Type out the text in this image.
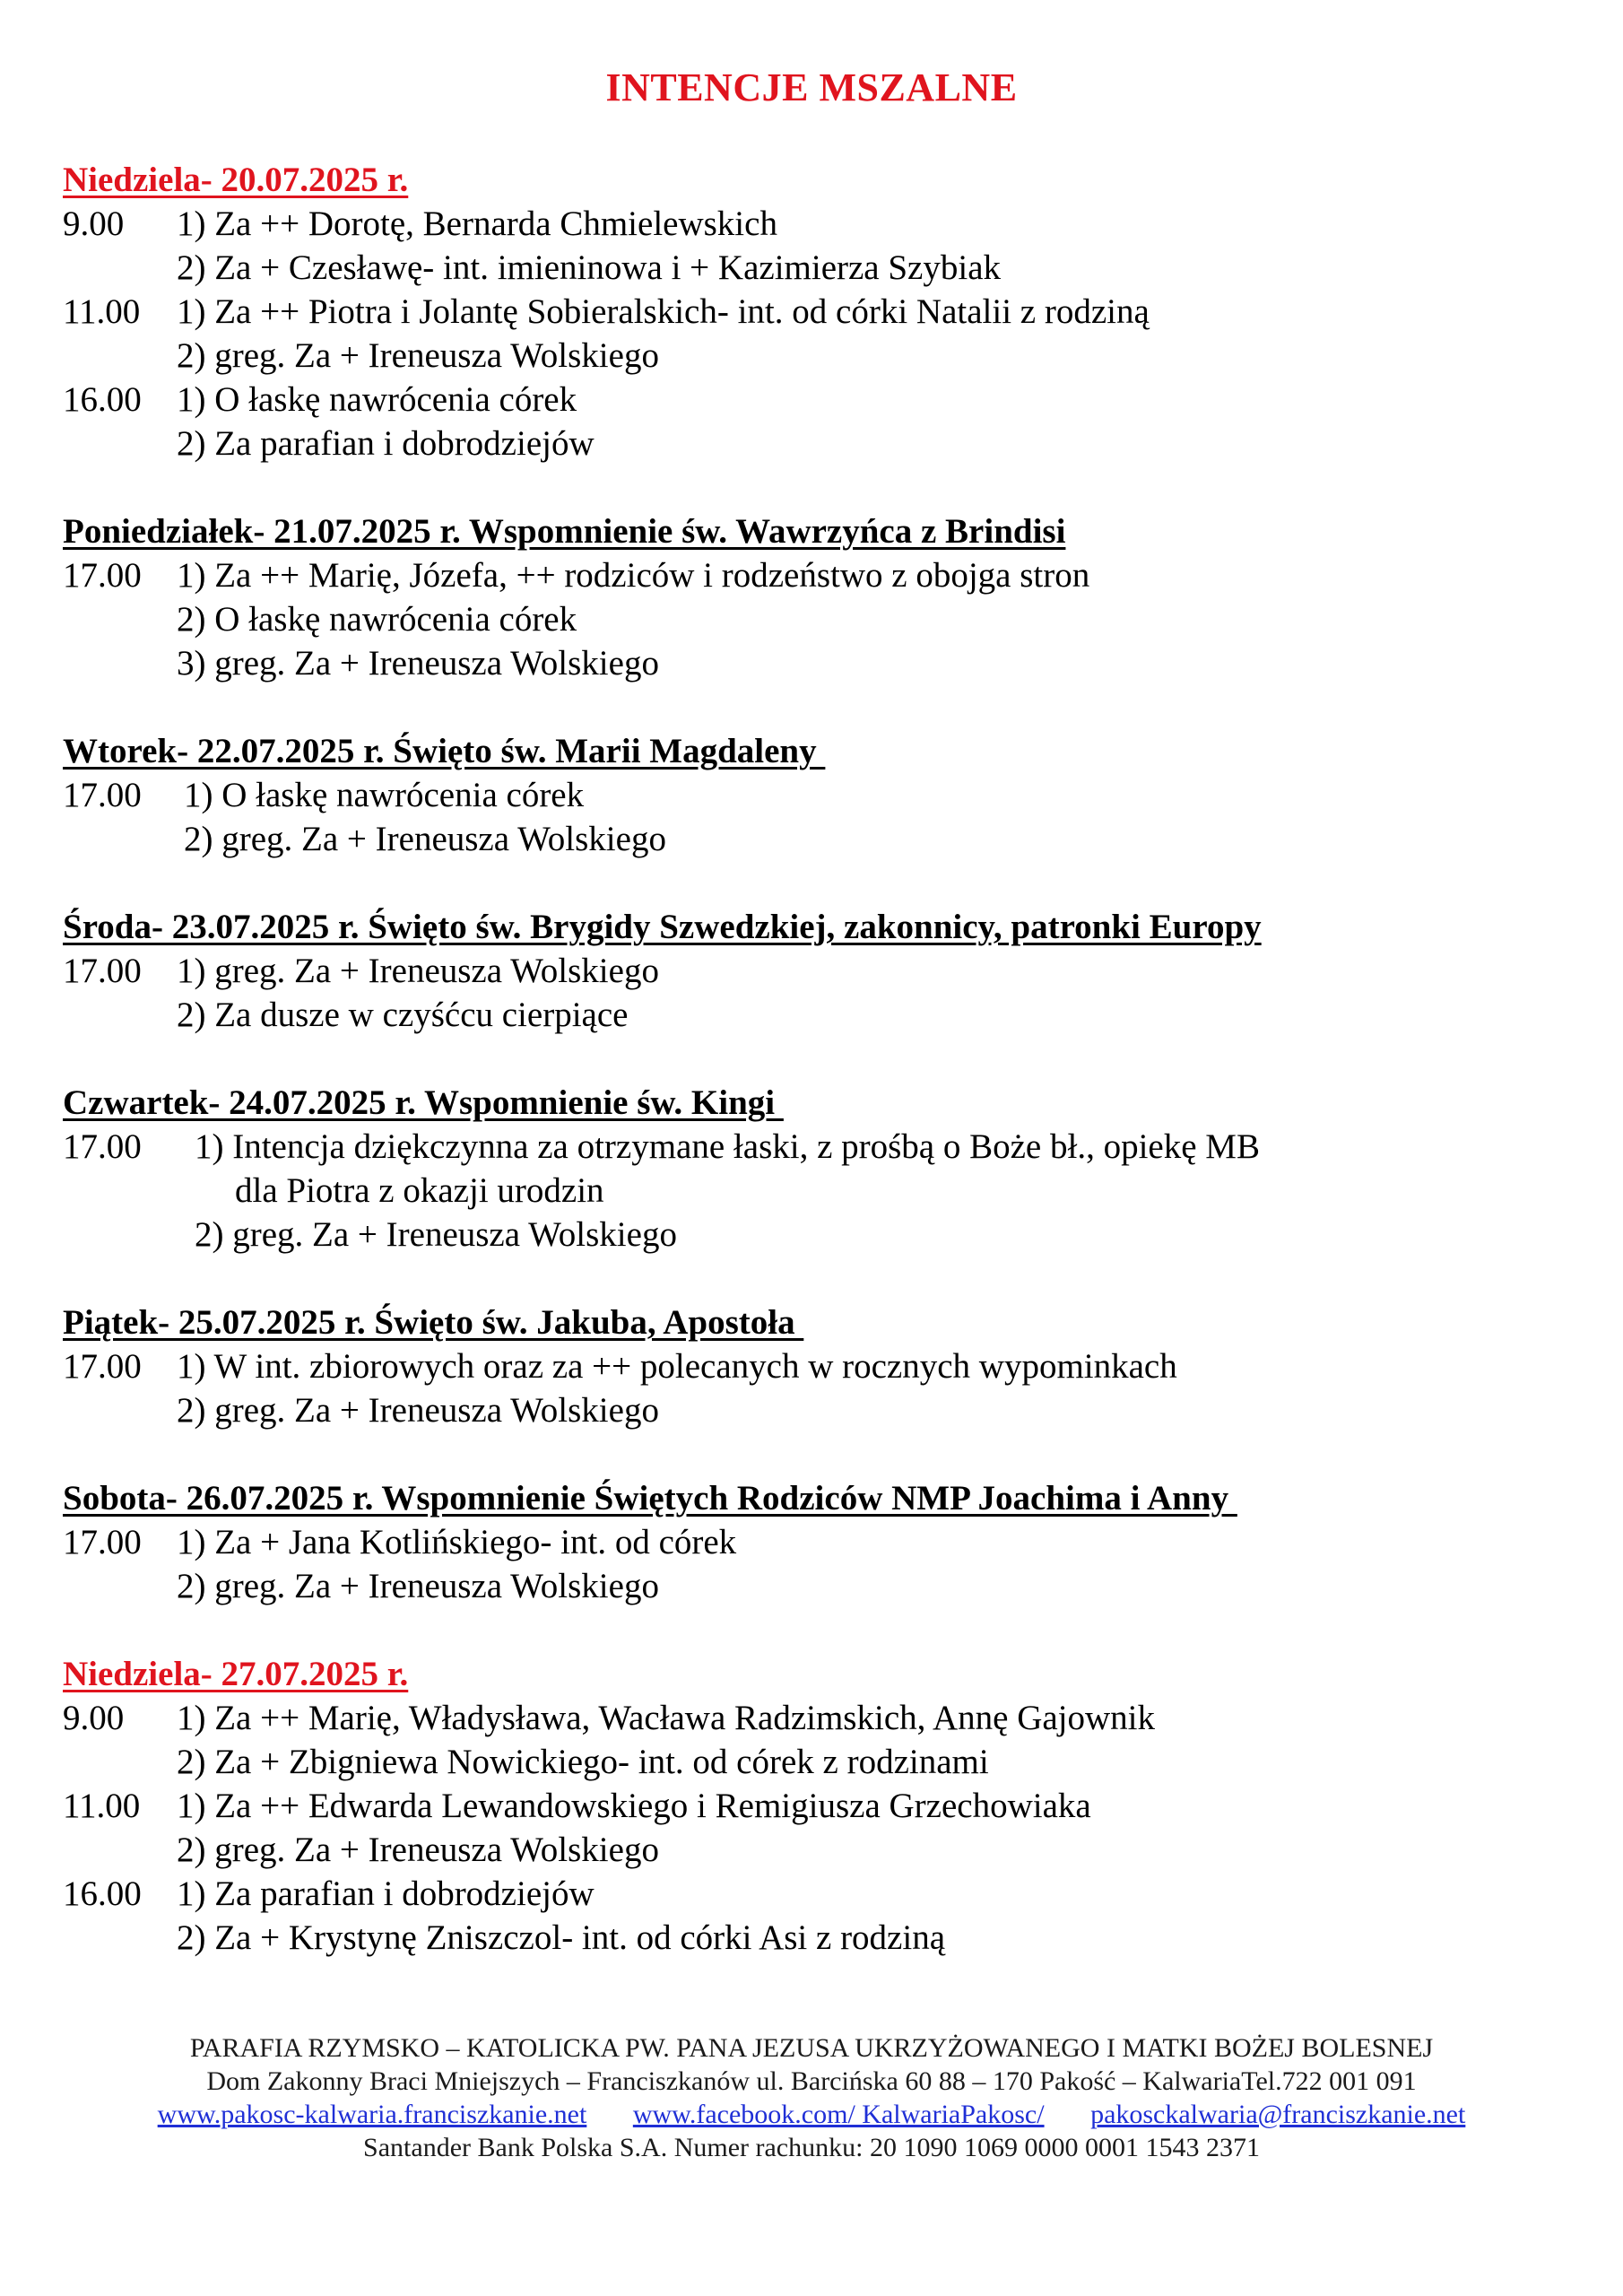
INTENCJE MSZALNE
Niedziela- 20.07.2025 r.
9.00 1) Za ++ Dorotę, Bernarda Chmielewskich
2) Za + Czesławę- int. imieninowa i + Kazimierza Szybiak
11.00 1) Za ++ Piotra i Jolantę Sobieralskich- int. od córki Natalii z rodziną
2) greg. Za + Ireneusza Wolskiego
16.00 1) O łaskę nawrócenia córek
2) Za parafian i dobrodziejów
Poniedziałek- 21.07.2025 r. Wspomnienie św. Wawrzyńca z Brindisi
17.00 1) Za ++ Marię, Józefa, ++ rodziców i rodzeństwo z obojga stron
2) O łaskę nawrócenia córek
3) greg. Za + Ireneusza Wolskiego
Wtorek- 22.07.2025 r. Święto św. Marii Magdaleny
17.00 1) O łaskę nawrócenia córek
2) greg. Za + Ireneusza Wolskiego
Środa- 23.07.2025 r. Święto św. Brygidy Szwedzkiej, zakonnicy, patronki Europy
17.00 1) greg. Za + Ireneusza Wolskiego
2) Za dusze w czyśćcu cierpiące
Czwartek- 24.07.2025 r. Wspomnienie św. Kingi
17.00 1) Intencja dziękczynna za otrzymane łaski, z prośbą o Boże bł., opiekę MB
dla Piotra z okazji urodzin
2) greg. Za + Ireneusza Wolskiego
Piątek- 25.07.2025 r. Święto św. Jakuba, Apostoła
17.00 1) W int. zbiorowych oraz za ++ polecanych w rocznych wypominkach
2) greg. Za + Ireneusza Wolskiego
Sobota- 26.07.2025 r. Wspomnienie Świętych Rodziców NMP Joachima i Anny
17.00 1) Za + Jana Kotlińskiego- int. od córek
2) greg. Za + Ireneusza Wolskiego
Niedziela- 27.07.2025 r.
9.00 1) Za ++ Marię, Władysława, Wacława Radzimskich, Annę Gajownik
2) Za + Zbigniewa Nowickiego- int. od córek z rodzinami
11.00 1) Za ++ Edwarda Lewandowskiego i Remigiusza Grzechowiaka
2) greg. Za + Ireneusza Wolskiego
16.00 1) Za parafian i dobrodziejów
2) Za + Krystynę Zniszczol- int. od córki Asi z rodziną
PARAFIA RZYMSKO – KATOLICKA PW. PANA JEZUSA UKRZYŻOWANEGO I MATKI BOŻEJ BOLESNEJ
Dom Zakonny Braci Mniejszych – Franciszkanów ul. Barcińska 60 88 – 170 Pakość – KalwariaTel.722 001 091
www.pakosc-kalwaria.franciszkanie.net www.facebook.com/ KalwariaPakosc/ pakosckalwaria@franciszkanie.net
Santander Bank Polska S.A. Numer rachunku: 20 1090 1069 0000 0001 1543 2371
